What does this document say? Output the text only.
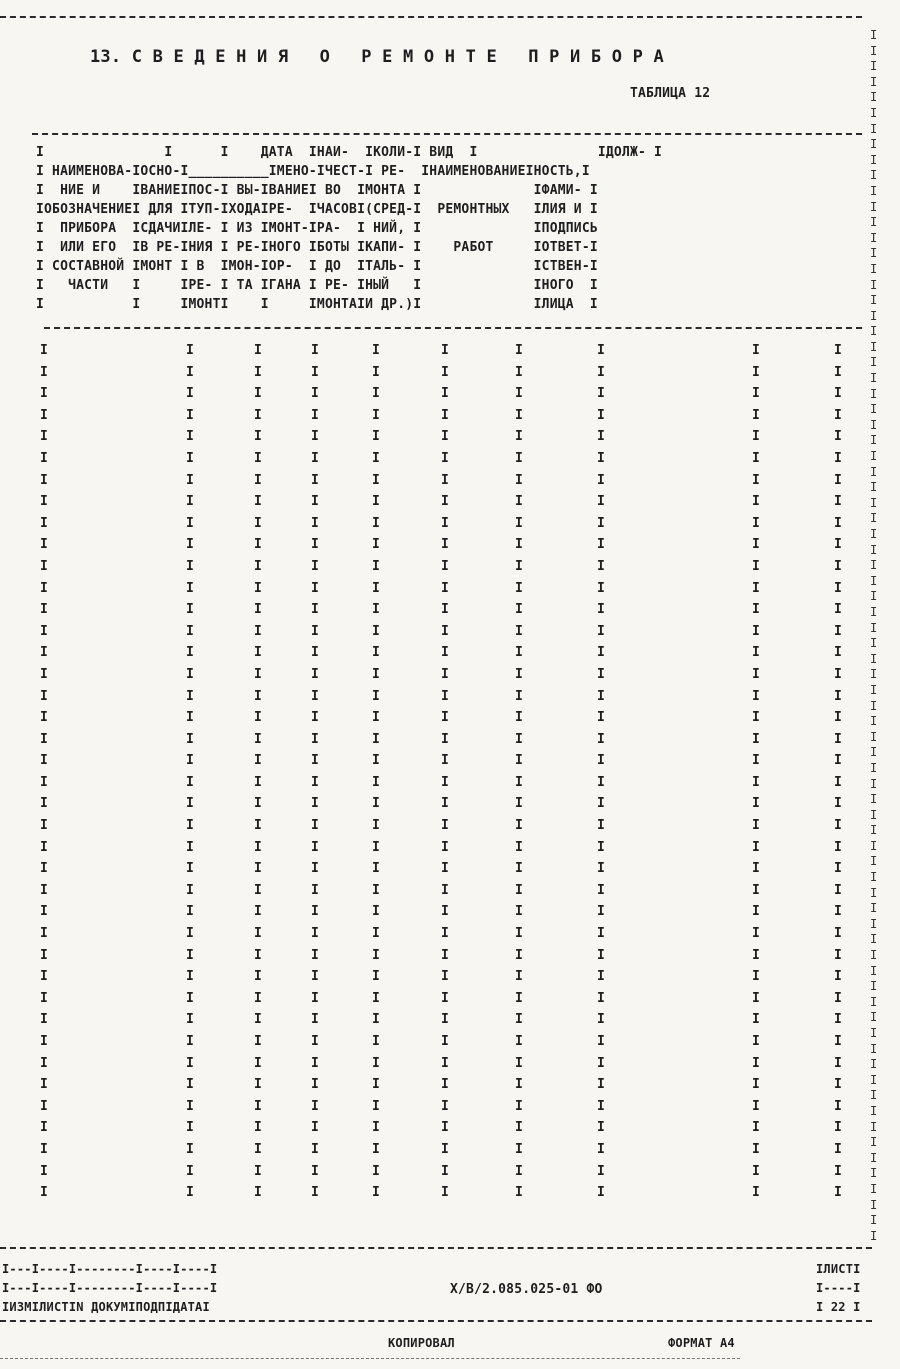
13. С В Е Д Е Н И Я   О   Р Е М О Н Т Е   П Р И Б О Р А
ТАБЛИЦА 12
I               I      I    ДАТА  IНАИ-  IКОЛИ-I ВИД  I               IДОЛЖ- I
I НАИМЕНОВА-IОСНО-I__________IМЕНО-IЧЕСТ-I РЕ-  IНАИМЕНОВАНИЕIНОСТЬ,I
I  НИЕ И    IВАНИЕIПОС-I ВЫ-IВАНИЕI ВО  IМОНТА I              IФАМИ- I
IОБОЗНАЧЕНИЕI ДЛЯ ITУП-IХОДАIРЕ-  IЧАСОВI(СРЕД-I  РЕМОНТНЫХ   IЛИЯ И I
I  ПРИБОРА  IСДАЧИIЛЕ- I ИЗ IМОНТ-IРА-  I НИЙ, I              IПОДПИСЬ
I  ИЛИ ЕГО  IВ РЕ-IНИЯ I РЕ-IНОГО IБОТЫ IКАПИ- I    РАБОТ     IОТВЕТ-I
I СОСТАВНОЙ IМОНТ I В  IМОН-IОР-  I ДО  IТАЛЬ- I              IСТВЕН-I
I   ЧАСТИ   I     IРЕ- I ТА IГАНА I РЕ- IНЫЙ   I              IНОГО  I
I           I     IМОНТI    I     IМОНТАIИ ДР.)I              IЛИЦА  I
I
I
I
I
I
I
I
I
I
I
I
I
I
I
I
I
I
I
I
I
I
I
I
I
I
I
I
I
I
I
I
I
I
I
I
I
I
I
I
I
I
I
I
I
I
I
I
I
I
I
I
I
I
I
I
I
I
I
I
I
I
I
I
I
I
I
I
I
I
I
I
I
I
I
I
I
I
I
I
I
I
I
I
I
I
I
I
I
I
I
I
I
I
I
I
I
I
I
I
I
I
I
I
I
I
I
I
I
I
I
I
I
I
I
I
I
I
I
I
I
I
I
I
I
I
I
I
I
I
I
I
I
I
I
I
I
I
I
I
I
I
I
I
I
I
I
I
I
I
I
I
I
I
I
I
I
I
I
I
I
I
I
I
I
I
I
I
I
I
I
I
I
I
I
I
I
I
I
I
I
I
I
I
I
I
I
I
I
I
I
I
I
I
I
I
I
I
I
I
I
I
I
I
I
I
I
I
I
I
I
I
I
I
I
I
I
I
I
I
I
I
I
I
I
I
I
I
I
I
I
I
I
I
I
I
I
I
I
I
I
I
I
I
I
I
I
I
I
I
I
I
I
I
I
I
I
I
I
I
I
I
I
I
I
I
I
I
I
I
I
I
I
I
I
I
I
I
I
I
I
I
I
I
I
I
I
I
I
I
I
I
I
I
I
I
I
I
I
I
I
I
I
I
I
I
I
I
I
I
I
I
I
I
I
I
I
I
I
I
I
I
I
I
I
I
I
I
I
I
I
I
I
I
I
I
I
I
I
I
I
I
I
I
I
I
I
I
I
I
I
I
I
I
I
I
I
I
I
I
I
I
I
I
I
I
I
I
I
I
I
I
I
I
I
I
I
I
I
I
I
I
I
I
I
I
I
I
I
I
I
I
I
I
I
I
I
I
I
I
I
I
I
I
I
I
I
I
I
I
I
I
I
I
I
I
I
I
I
I
I
I
I
I
I
I
I
I
I
I
I
I
I
I
I
I
I
I
I
I
I
I
I
I
I
I
I
I
I
I
I
I
I
I
I
I
I
I
I
I
I
I
I
I
I
I
I
I
I
I
I
I
I
I
I
I
I
I
I
I---I----I--------I----I----I
I---I----I--------I----I----I
IИЗМIЛИСТIN ДОКУМIПОДПIДАТАI
Х/В/2.085.025-01 ФО
IЛИСТI
I----I
I 22 I
КОПИРОВАЛ	ФОРМАТ А4
